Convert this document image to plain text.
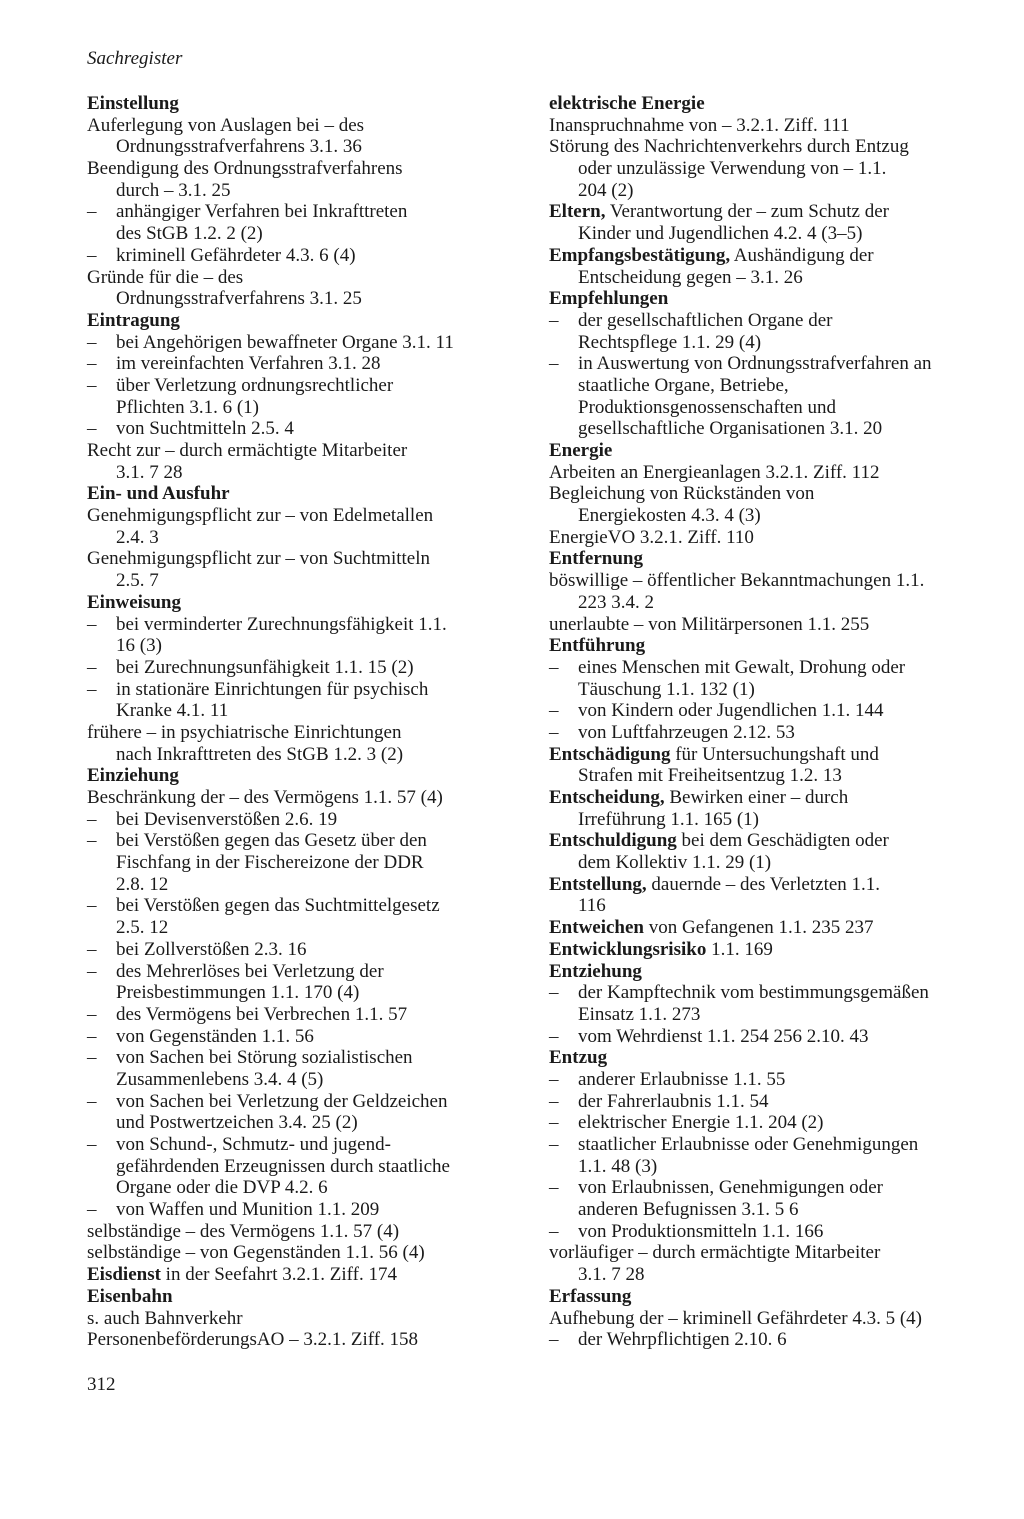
Sachregister
Einstellung
Auferlegung von Auslagen bei – des
Ordnungsstrafverfahrens 3.1. 36
Beendigung des Ordnungsstrafverfahrens
durch – 3.1. 25
– anhängiger Verfahren bei Inkrafttreten
des StGB 1.2. 2 (2)
– kriminell Gefährdeter 4.3. 6 (4)
Gründe für die – des
Ordnungsstrafverfahrens 3.1. 25
Eintragung
– bei Angehörigen bewaffneter Organe 3.1. 11
– im vereinfachten Verfahren 3.1. 28
– über Verletzung ordnungsrechtlicher
Pflichten 3.1. 6 (1)
– von Suchtmitteln 2.5. 4
Recht zur – durch ermächtigte Mitarbeiter
3.1. 7 28
Ein- und Ausfuhr
Genehmigungspflicht zur – von Edelmetallen
2.4. 3
Genehmigungspflicht zur – von Suchtmitteln
2.5. 7
Einweisung
– bei verminderter Zurechnungsfähigkeit 1.1.
16 (3)
– bei Zurechnungsunfähigkeit 1.1. 15 (2)
– in stationäre Einrichtungen für psychisch
Kranke 4.1. 11
frühere – in psychiatrische Einrichtungen
nach Inkrafttreten des StGB 1.2. 3 (2)
Einziehung
Beschränkung der – des Vermögens 1.1. 57 (4)
– bei Devisenverstößen 2.6. 19
– bei Verstößen gegen das Gesetz über den
Fischfang in der Fischereizone der DDR
2.8. 12
– bei Verstößen gegen das Suchtmittelgesetz
2.5. 12
– bei Zollverstößen 2.3. 16
– des Mehrerlöses bei Verletzung der
Preisbestimmungen 1.1. 170 (4)
– des Vermögens bei Verbrechen 1.1. 57
– von Gegenständen 1.1. 56
– von Sachen bei Störung sozialistischen
Zusammenlebens 3.4. 4 (5)
– von Sachen bei Verletzung der Geldzeichen
und Postwertzeichen 3.4. 25 (2)
– von Schund-, Schmutz- und jugend-
gefährdenden Erzeugnissen durch staatliche
Organe oder die DVP 4.2. 6
– von Waffen und Munition 1.1. 209
selbständige – des Vermögens 1.1. 57 (4)
selbständige – von Gegenständen 1.1. 56 (4)
Eisdienst in der Seefahrt 3.2.1. Ziff. 174
Eisenbahn
s. auch Bahnverkehr
PersonenbeförderungsAO – 3.2.1. Ziff. 158
elektrische Energie
Inanspruchnahme von – 3.2.1. Ziff. 111
Störung des Nachrichtenverkehrs durch Entzug
oder unzulässige Verwendung von – 1.1.
204 (2)
Eltern, Verantwortung der – zum Schutz der
Kinder und Jugendlichen 4.2. 4 (3–5)
Empfangsbestätigung, Aushändigung der
Entscheidung gegen – 3.1. 26
Empfehlungen
– der gesellschaftlichen Organe der
Rechtspflege 1.1. 29 (4)
– in Auswertung von Ordnungsstrafverfahren an
staatliche Organe, Betriebe,
Produktionsgenossenschaften und
gesellschaftliche Organisationen 3.1. 20
Energie
Arbeiten an Energieanlagen 3.2.1. Ziff. 112
Begleichung von Rückständen von
Energiekosten 4.3. 4 (3)
EnergieVO 3.2.1. Ziff. 110
Entfernung
böswillige – öffentlicher Bekanntmachungen 1.1.
223 3.4. 2
unerlaubte – von Militärpersonen 1.1. 255
Entführung
– eines Menschen mit Gewalt, Drohung oder
Täuschung 1.1. 132 (1)
– von Kindern oder Jugendlichen 1.1. 144
– von Luftfahrzeugen 2.12. 53
Entschädigung für Untersuchungshaft und
Strafen mit Freiheitsentzug 1.2. 13
Entscheidung, Bewirken einer – durch
Irreführung 1.1. 165 (1)
Entschuldigung bei dem Geschädigten oder
dem Kollektiv 1.1. 29 (1)
Entstellung, dauernde – des Verletzten 1.1.
116
Entweichen von Gefangenen 1.1. 235 237
Entwicklungsrisiko 1.1. 169
Entziehung
– der Kampftechnik vom bestimmungsgemäßen
Einsatz 1.1. 273
– vom Wehrdienst 1.1. 254 256 2.10. 43
Entzug
– anderer Erlaubnisse 1.1. 55
– der Fahrerlaubnis 1.1. 54
– elektrischer Energie 1.1. 204 (2)
– staatlicher Erlaubnisse oder Genehmigungen
1.1. 48 (3)
– von Erlaubnissen, Genehmigungen oder
anderen Befugnissen 3.1. 5 6
– von Produktionsmitteln 1.1. 166
vorläufiger – durch ermächtigte Mitarbeiter
3.1. 7 28
Erfassung
Aufhebung der – kriminell Gefährdeter 4.3. 5 (4)
– der Wehrpflichtigen 2.10. 6
312
